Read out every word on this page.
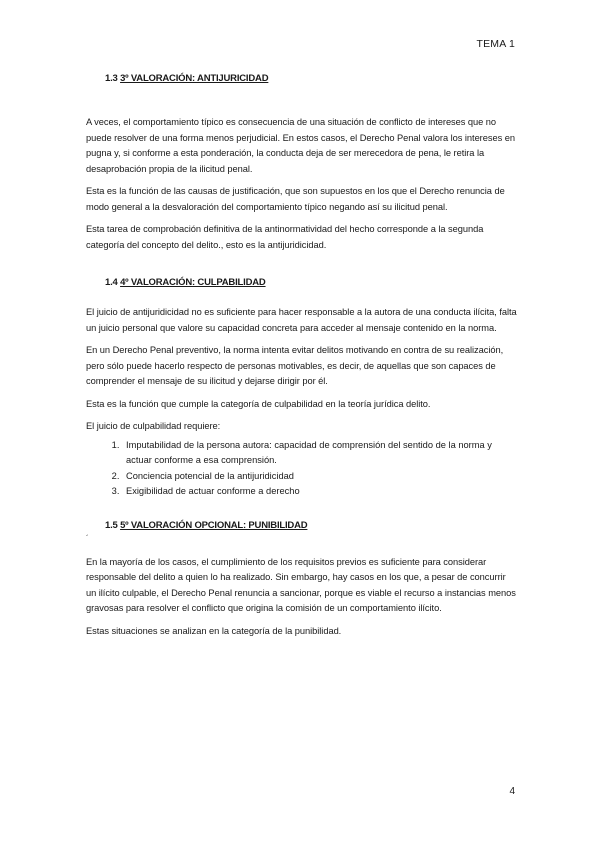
TEMA 1
1.3 3º VALORACIÓN: ANTIJURICIDAD

A veces, el comportamiento típico es consecuencia de una situación de conflicto de intereses que no puede resolver de una forma menos perjudicial. En estos casos, el Derecho Penal valora los intereses en pugna y, si conforme a esta ponderación, la conducta deja de ser merecedora de pena, le retira la desaprobación propia de la ilicitud penal.

Esta es la función de las causas de justificación, que son supuestos en los que el Derecho renuncia de modo general a la desvaloración del comportamiento típico negando así su ilicitud penal.

Esta tarea de comprobación definitiva de la antinormatividad del hecho corresponde a la segunda categoría del concepto del delito., esto es la antijuridicidad.

1.4 4º VALORACIÓN: CULPABILIDAD

El juicio de antijuridicidad no es suficiente para hacer responsable a la autora de una conducta ilícita, falta un juicio personal que valore su capacidad concreta para acceder al mensaje contenido en la norma.

En un Derecho Penal preventivo, la norma intenta evitar delitos motivando en contra de su realización, pero sólo puede hacerlo respecto de personas motivables, es decir, de aquellas que son capaces de comprender el mensaje de su ilicitud y dejarse dirigir por él.

Esta es la función que cumple la categoría de culpabilidad en la teoría jurídica delito.

El juicio de culpabilidad requiere:

1. Imputabilidad de la persona autora: capacidad de comprensión del sentido de la norma y actuar conforme a esa comprensión.
2. Conciencia potencial de la antijuridicidad
3. Exigibilidad de actuar conforme a derecho
1.5 5º VALORACIÓN OPCIONAL: PUNIBILIDAD
´

En la mayoría de los casos, el cumplimiento de los requisitos previos es suficiente para considerar responsable del delito a quien lo ha realizado. Sin embargo, hay casos en los que, a pesar de concurrir un ilícito culpable, el Derecho Penal renuncia a sancionar, porque es viable el recurso a instancias menos gravosas para resolver el conflicto que origina la comisión de un comportamiento ilícito.

Estas situaciones se analizan en la categoría de la punibilidad.

4
